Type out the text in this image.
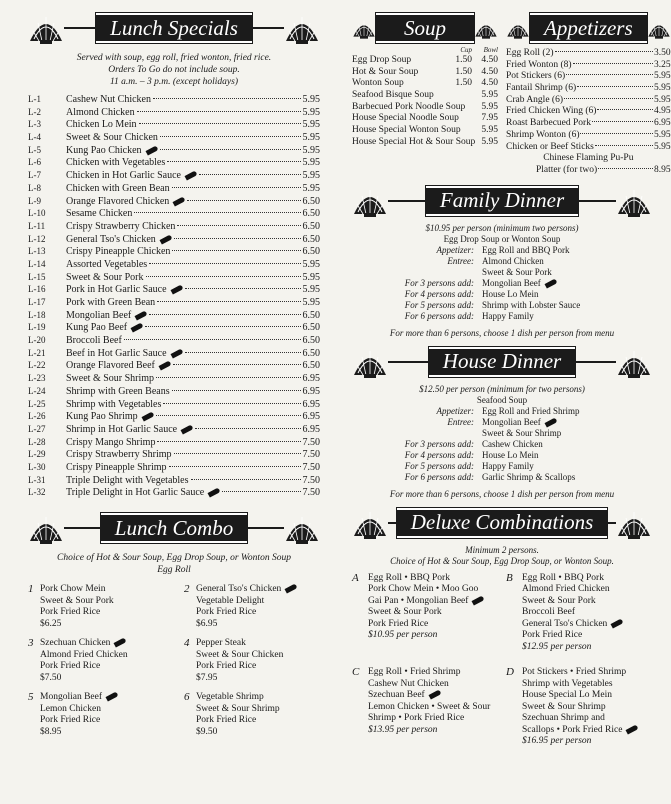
Lunch Specials
Served with soup, egg roll, fried wonton, fried rice.
Orders To Go do not include soup.
11 a.m. – 3 p.m. (except holidays)
L-1	Cashew Nut Chicken	5.95
L-2	Almond Chicken	5.95
L-3	Chicken Lo Mein	5.95
L-4	Sweet & Sour Chicken	5.95
L-5	Kung Pao Chicken	5.95
L-6	Chicken with Vegetables	5.95
L-7	Chicken in Hot Garlic Sauce	5.95
L-8	Chicken with Green Bean	5.95
L-9	Orange Flavored Chicken	6.50
L-10	Sesame Chicken	6.50
L-11	Crispy Strawberry Chicken	6.50
L-12	General Tso's Chicken	6.50
L-13	Crispy Pineapple Chicken	6.50
L-14	Assorted Vegetables	5.95
L-15	Sweet & Sour Pork	5.95
L-16	Pork in Hot Garlic Sauce	5.95
L-17	Pork with Green Bean	5.95
L-18	Mongolian Beef	6.50
L-19	Kung Pao Beef	6.50
L-20	Broccoli Beef	6.50
L-21	Beef in Hot Garlic Sauce	6.50
L-22	Orange Flavored Beef	6.50
L-23	Sweet & Sour Shrimp	6.95
L-24	Shrimp with Green Beans	6.95
L-25	Shrimp with Vegetables	6.95
L-26	Kung Pao Shrimp	6.95
L-27	Shrimp in Hot Garlic Sauce	6.95
L-28	Crispy Mango Shrimp	7.50
L-29	Crispy Strawberry Shrimp	7.50
L-30	Crispy Pineapple Shrimp	7.50
L-31	Triple Delight with Vegetables	7.50
L-32	Triple Delight in Hot Garlic Sauce	7.50
Lunch Combo
Choice of Hot & Sour Soup, Egg Drop Soup, or Wonton Soup
Egg Roll
1 Pork Chow Mein
Sweet & Sour Pork
Pork Fried Rice
$6.25
2 General Tso's Chicken
Vegetable Delight
Pork Fried Rice
$6.95
3 Szechuan Chicken
Almond Fried Chicken
Pork Fried Rice
$7.50
4 Pepper Steak
Sweet & Sour Chicken
Pork Fried Rice
$7.95
5 Mongolian Beef
Lemon Chicken
Pork Fried Rice
$8.95
6 Vegetable Shrimp
Sweet & Sour Shrimp
Pork Fried Rice
$9.50
Soup
Cup	Bowl
Egg Drop Soup	1.50 4.50
Hot & Sour Soup	1.50 4.50
Wonton Soup	1.50 4.50
Seafood Bisque Soup	5.95
Barbecued Pork Noodle Soup 5.95
House Special Noodle Soup 7.95
House Special Wonton Soup 5.95
House Special Hot & Sour Soup 5.95
Appetizers
Egg Roll (2)	3.50
Fried Wonton (8)	3.25
Pot Stickers (6)	5.95
Fantail Shrimp (6)	5.95
Crab Angle (6)	5.95
Fried Chicken Wing (6)	4.95
Roast Barbecued Pork	6.95
Shrimp Wonton (6)	5.95
Chicken or Beef Sticks	5.95
Chinese Flaming Pu-Pu
Platter (for two)	8.95
Family Dinner
$10.95 per person (minimum two persons)
Egg Drop Soup or Wonton Soup
Appetizer: Egg Roll and BBQ Pork
Entree: Almond Chicken
Sweet & Sour Pork
For 3 persons add: Mongolian Beef
For 4 persons add: House Lo Mein
For 5 persons add: Shrimp with Lobster Sauce
For 6 persons add: Happy Family
For more than 6 persons, choose 1 dish per person from menu
House Dinner
$12.50 per person (minimum for two persons)
Seafood Soup
Appetizer: Egg Roll and Fried Shrimp
Entree: Mongolian Beef
Sweet & Sour Shrimp
For 3 persons add: Cashew Chicken
For 4 persons add: House Lo Mein
For 5 persons add: Happy Family
For 6 persons add: Garlic Shrimp & Scallops
For more than 6 persons, choose 1 dish per person from menu
Deluxe Combinations
Minimum 2 persons.
Choice of Hot & Sour Soup, Egg Drop Soup, or Wonton Soup.
A Egg Roll • BBQ Pork
Pork Chow Mein • Moo Goo
Gai Pan • Mongolian Beef
Sweet & Sour Pork
Pork Fried Rice
$10.95 per person
B Egg Roll • BBQ Pork
Almond Fried Chicken
Sweet & Sour Pork
Broccoli Beef
General Tso's Chicken
Pork Fried Rice
$12.95 per person
C Egg Roll • Fried Shrimp
Cashew Nut Chicken
Szechuan Beef
Lemon Chicken • Sweet & Sour
Shrimp • Pork Fried Rice
$13.95 per person
D Pot Stickers • Fried Shrimp
Shrimp with Vegetables
House Special Lo Mein
Sweet & Sour Shrimp
Szechuan Shrimp and
Scallops • Pork Fried Rice
$16.95 per person
